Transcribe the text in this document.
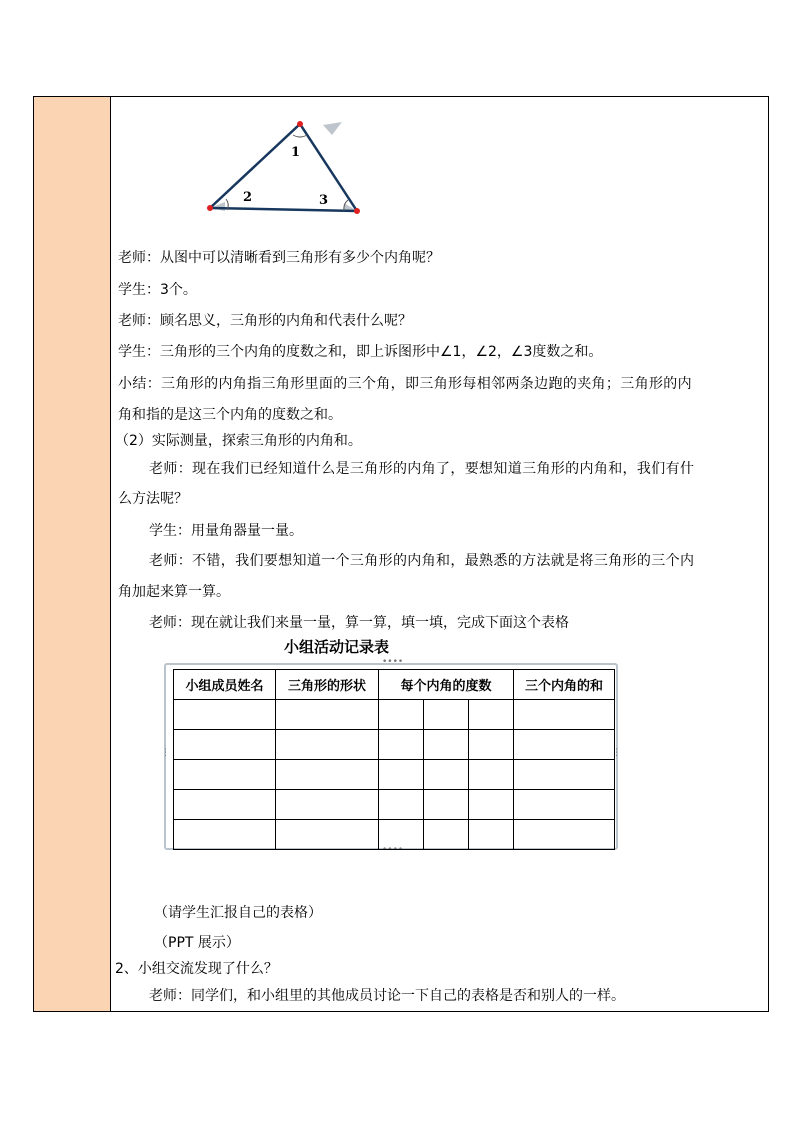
1
2	3
老师：从图中可以清晰看到三角形有多少个内角呢？
学生：3个。
老师：顾名思义，三角形的内角和代表什么呢？
学生：三角形的三个内角的度数之和，即上诉图形中∠1，∠2，∠3度数之和。
小结：三角形的内角指三角形里面的三个角，即三角形每相邻两条边跑的夹角；三角形的内
角和指的是这三个内角的度数之和。
（2）实际测量，探索三角形的内角和。
老师：现在我们已经知道什么是三角形的内角了，要想知道三角形的内角和，我们有什
么方法呢？
学生：用量角器量一量。
老师：不错，我们要想知道一个三角形的内角和，最熟悉的方法就是将三角形的三个内
角加起来算一算。
老师：现在就让我们来量一量，算一算，填一填，完成下面这个表格
小组活动记录表
••••
••••
⋮	⋮
小组成员姓名	三角形的形状	每个内角的度数			三个内角的和

（请学生汇报自己的表格）
（PPT 展示）
2、小组交流发现了什么？
老师：同学们，和小组里的其他成员讨论一下自己的表格是否和别人的一样。
